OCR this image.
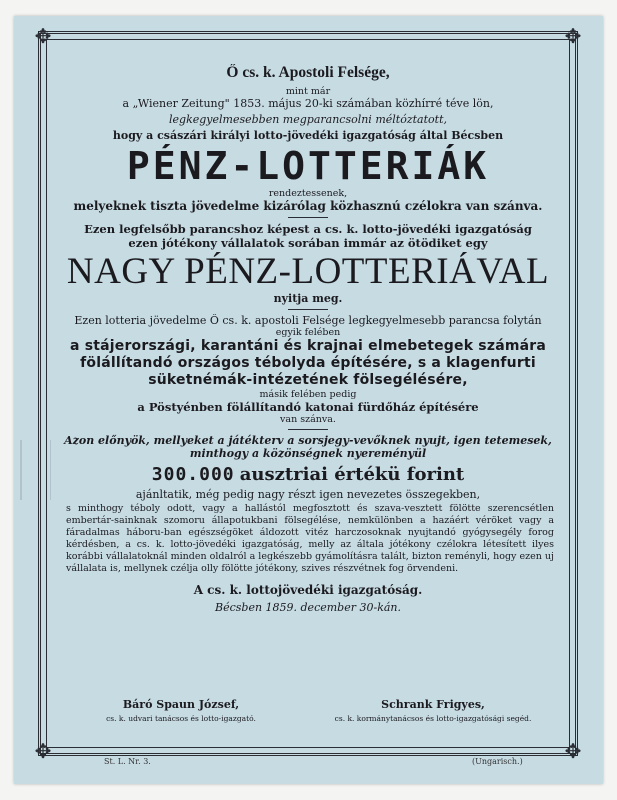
✥	✥
✥	✥
Ő cs. k. Apostoli Felsége,
mint már
a „Wiener Zeitung" 1853. május 20-ki számában közhírré téve lön,
legkegyelmesebben megparancsolni méltóztatott,
hogy a császári királyi lotto-jövedéki igazgatóság által Bécsben
PÉNZ-LOTTERIÁK
rendeztessenek,
melyeknek tiszta jövedelme kizárólag közhasznú czélokra van szánva.
Ezen legfelsőbb parancshoz képest a cs. k. lotto-jövedéki igazgatóság
ezen jótékony vállalatok sorában immár az ötödiket egy
NAGY PÉNZ-LOTTERIÁVAL
nyitja meg.
Ezen lotteria jövedelme Ő cs. k. apostoli Felsége legkegyelmesebb parancsa folytán
egyik felében
a stájerországi, karantáni és krajnai elmebetegek számára
fölállítandó országos tébolyda építésére, s a klagenfurti
süketnémák-intézetének fölsegélésére,
másik felében pedig
a Pöstyénben fölállítandó katonai fürdőház építésére
van szánva.
Azon előnyök, mellyeket a játékterv a sorsjegy-vevőknek nyujt, igen tetemesek,
minthogy a közönségnek nyereményül
300.000 ausztriai értékü forint
ajánltatik, még pedig nagy részt igen nevezetes összegekben,
s minthogy téboly odott, vagy a hallástól megfosztott és szava-vesztett fölötte szerencsétlen embertár-sainknak szomoru állapotukbani fölsegélése, nemkülönben a hazáért véröket vagy a fáradalmas háboru-ban egészségöket áldozott vitéz harczosoknak nyujtandó gyógysegély forog kérdésben, a cs. k. lotto-jövedéki igazgatóság, melly az általa jótékony czélokra létesített ilyes korábbi vállalatoknál minden oldalról a legkészebb gyámolításra talált, bizton reményli, hogy ezen uj vállalata is, mellynek czélja olly fölötte jótékony, szives részvétnek fog örvendeni.
A cs. k. lottojövedéki igazgatóság.
Bécsben 1859. december 30-kán.
Báró Spaun József,
cs. k. udvari tanácsos és lotto-igazgató.
Schrank Frigyes,
cs. k. kormánytanácsos és lotto-igazgatósági segéd.
St. L. Nr. 3.	(Ungarisch.)
